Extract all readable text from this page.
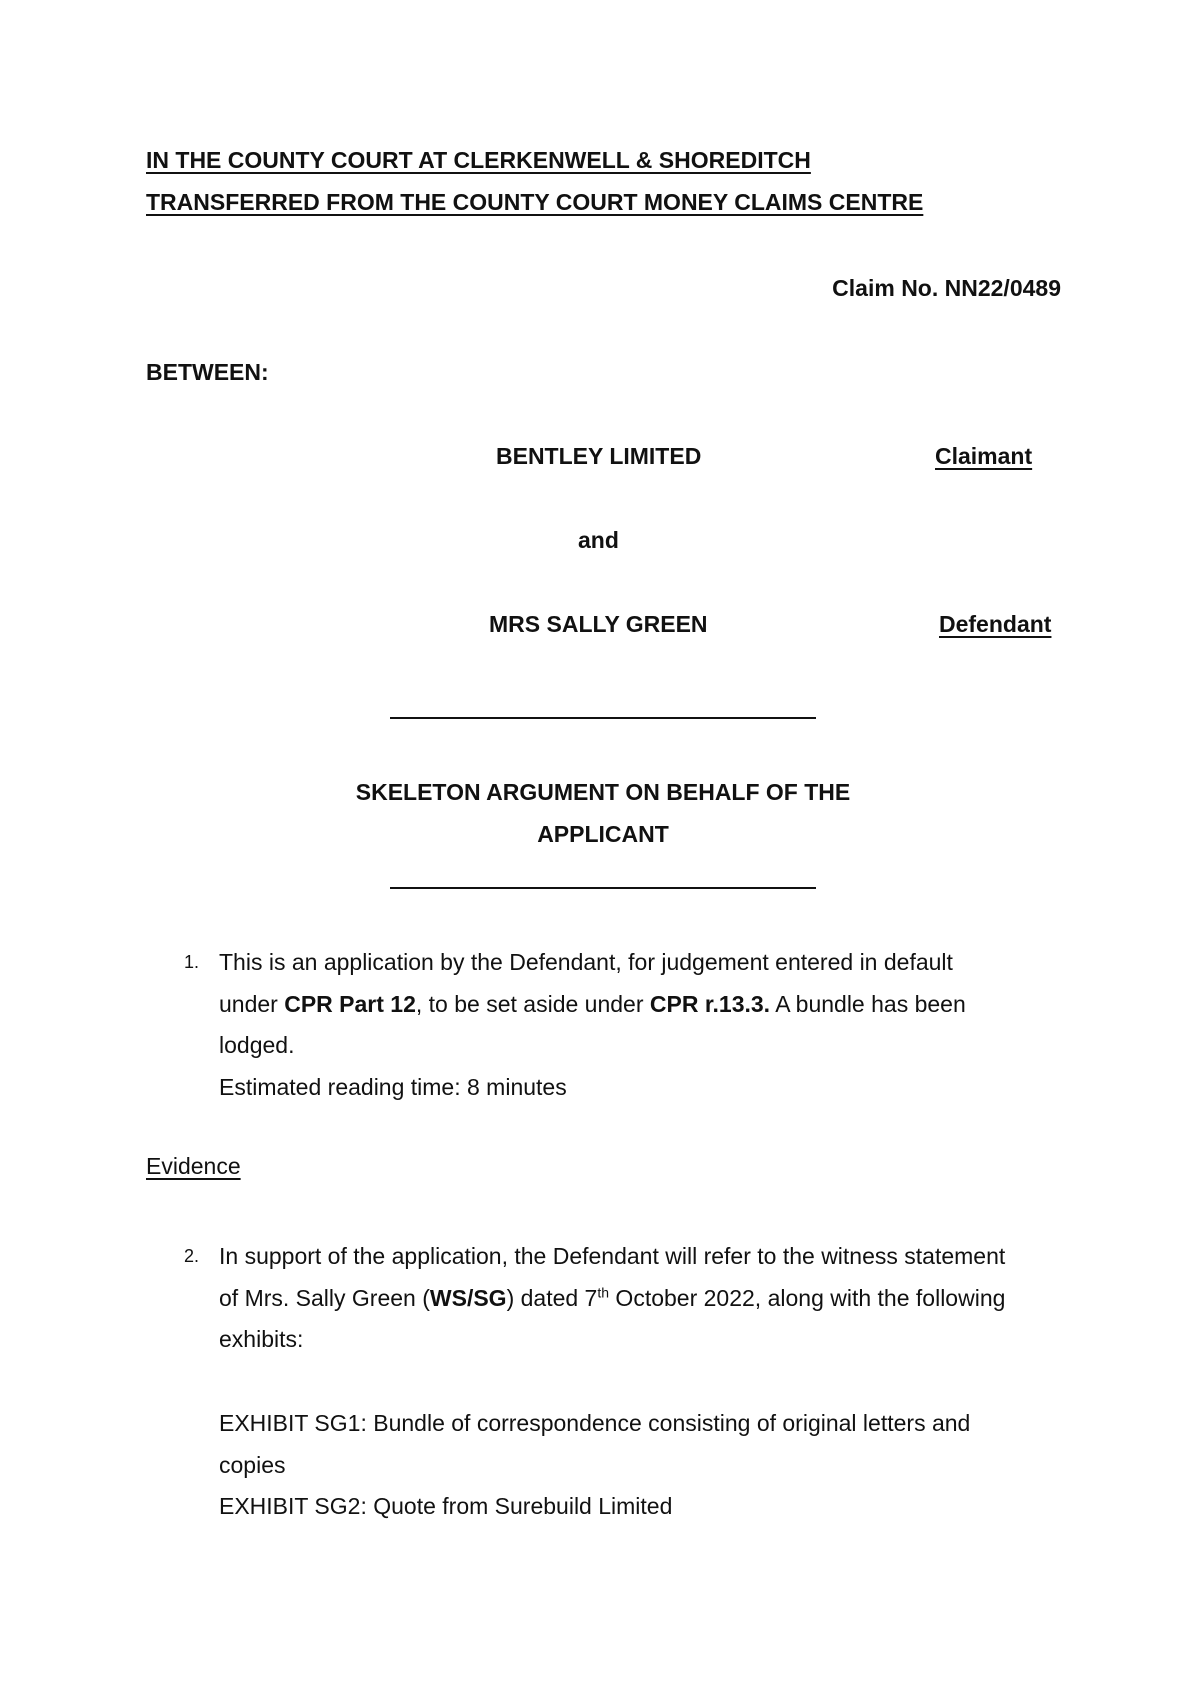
IN THE COUNTY COURT AT CLERKENWELL & SHOREDITCH
TRANSFERRED FROM THE COUNTY COURT MONEY CLAIMS CENTRE
Claim No. NN22/0489
BETWEEN:
BENTLEY LIMITED	Claimant
and
MRS SALLY GREEN	Defendant
SKELETON ARGUMENT ON BEHALF OF THE
APPLICANT
1. This is an application by the Defendant, for judgement entered in default
under CPR Part 12, to be set aside under CPR r.13.3. A bundle has been
lodged.
Estimated reading time: 8 minutes
Evidence
2. In support of the application, the Defendant will refer to the witness statement
of Mrs. Sally Green (WS/SG) dated 7th October 2022, along with the following
exhibits:
EXHIBIT SG1: Bundle of correspondence consisting of original letters and
copies
EXHIBIT SG2: Quote from Surebuild Limited
